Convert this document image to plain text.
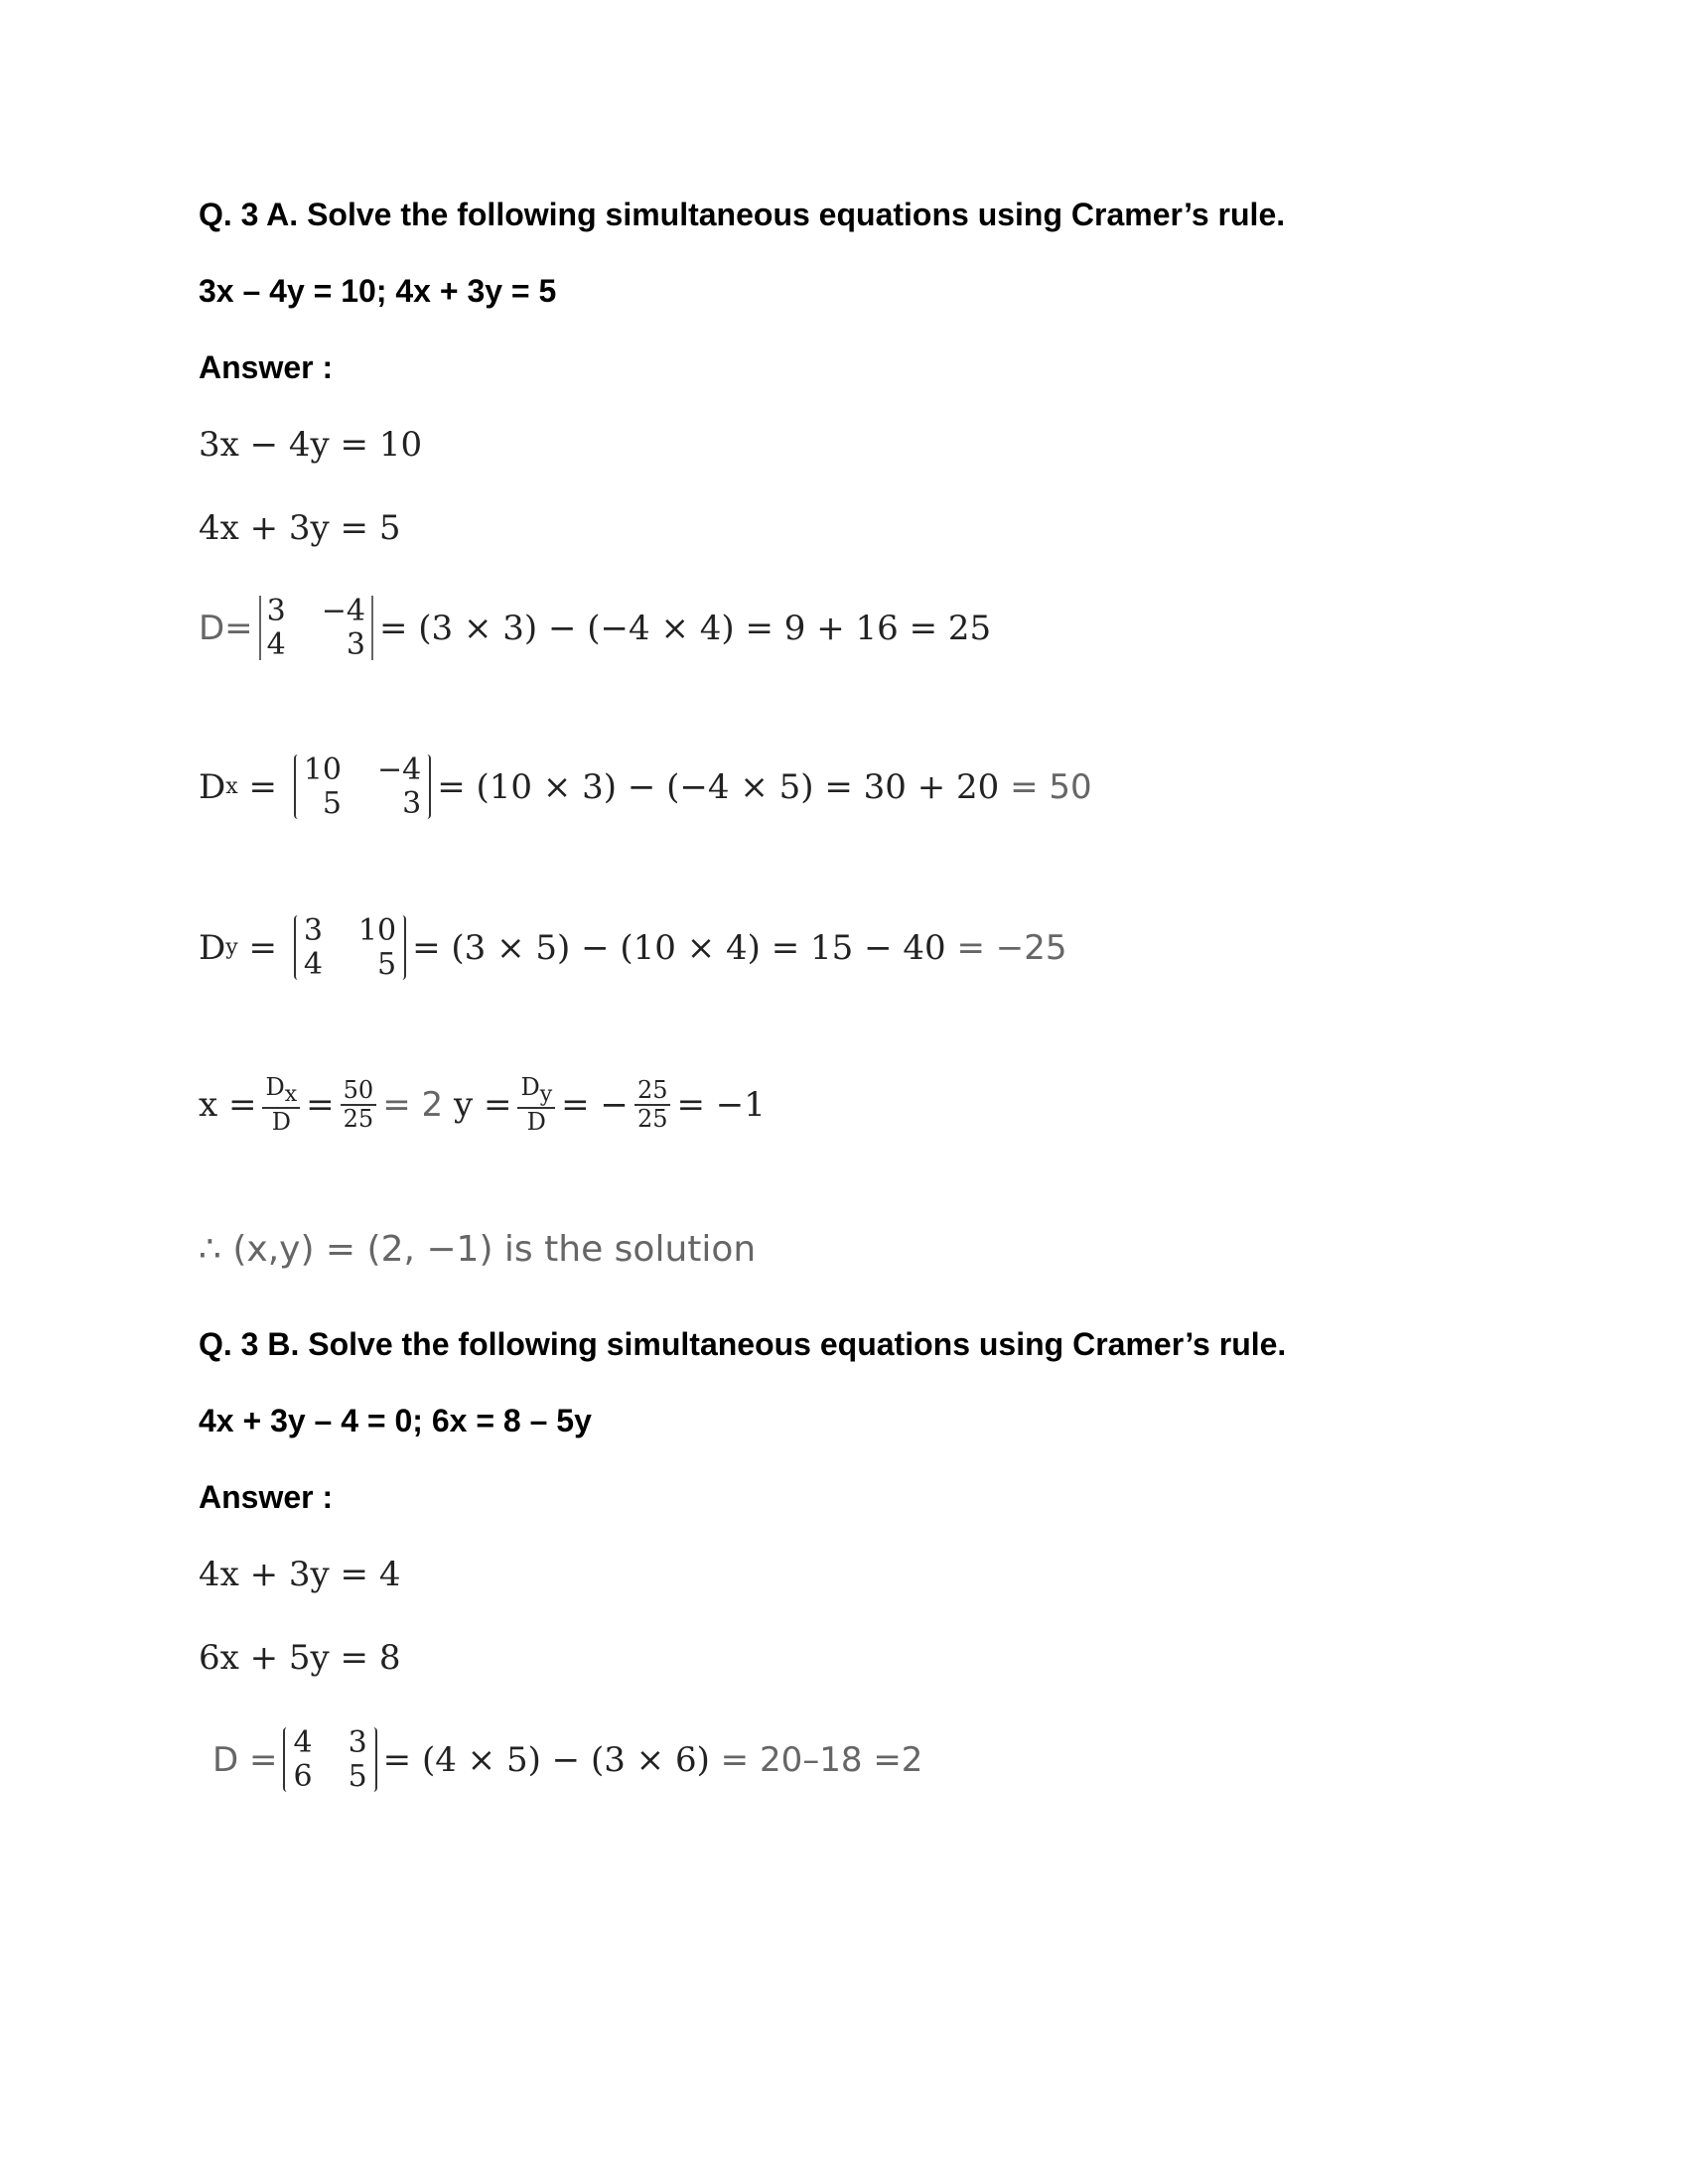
Q. 3 A. Solve the following simultaneous equations using Cramer’s rule.
3x – 4y = 10; 4x + 3y = 5
Answer :
3x − 4y = 10
4x + 3y = 5
D= 3 −4
4	3 = (3 × 3) − (−4 × 4) = 9 + 16 = 25
D x = 10 −4
5	3 = (10 × 3) − (−4 × 5) = 30 + 20 = 50
D y = 3 10
4	5 = (3 × 5) − (10 × 4) = 15 − 40 = −25
$x = \frac{D_x}{D} = \frac{50}{25} = 2$ $y = \frac{D_y}{D}$ = − $\frac{25}{25} = -1$
∴ (x,y) = (2, −1) is the solution
Q. 3 B. Solve the following simultaneous equations using Cramer’s rule.
4x + 3y – 4 = 0; 6x = 8 – 5y
Answer :
4x + 3y = 4
6x + 5y = 8
D = 4 3
6 5 = (4 × 5) − (3 × 6) = 20–18 =2
